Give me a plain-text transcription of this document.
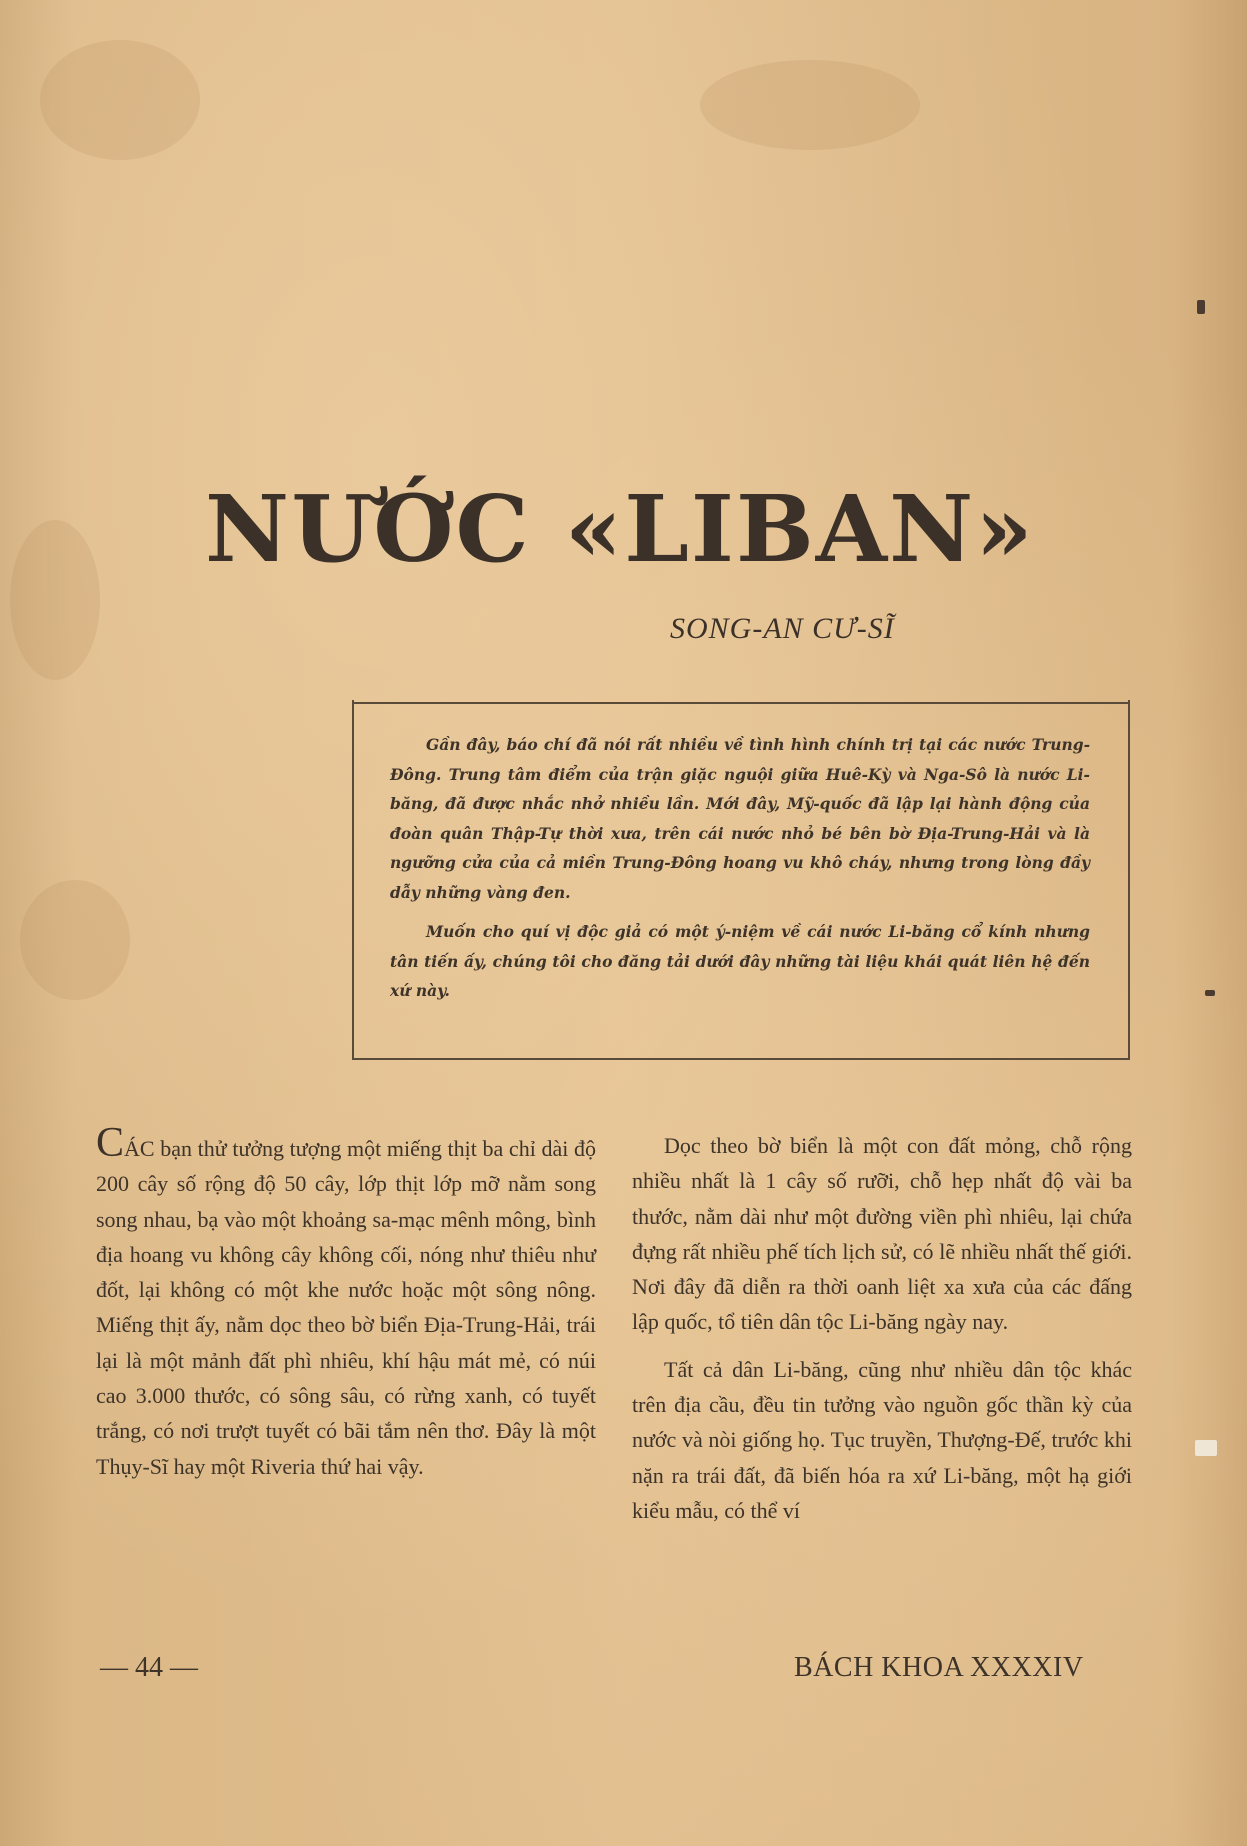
NƯỚC «LIBAN»
SONG-AN CƯ-SĨ

Gần đây, báo chí đã nói rất nhiều về tình hình chính trị tại các nước Trung-Đông. Trung tâm điểm của trận giặc nguội giữa Huê-Kỳ và Nga-Sô là nước Li-băng, đã được nhắc nhở nhiều lần. Mới đây, Mỹ-quốc đã lập lại hành động của đoàn quân Thập-Tự thời xưa, trên cái nước nhỏ bé bên bờ Địa-Trung-Hải và là ngưỡng cửa của cả miền Trung-Đông hoang vu khô cháy, nhưng trong lòng đầy dẫy những vàng đen.

Muốn cho quí vị độc giả có một ý-niệm về cái nước Li-băng cổ kính nhưng tân tiến ấy, chúng tôi cho đăng tải dưới đây những tài liệu khái quát liên hệ đến xứ này.

CÁC bạn thử tưởng tượng một miếng thịt ba chỉ dài độ 200 cây số rộng độ 50 cây, lớp thịt lớp mỡ nằm song song nhau, bạ vào một khoảng sa-mạc mênh mông, bình địa hoang vu không cây không cối, nóng như thiêu như đốt, lại không có một khe nước hoặc một sông nông. Miếng thịt ấy, nằm dọc theo bờ biển Địa-Trung-Hải, trái lại là một mảnh đất phì nhiêu, khí hậu mát mẻ, có núi cao 3.000 thước, có sông sâu, có rừng xanh, có tuyết trắng, có nơi trượt tuyết có bãi tắm nên thơ. Đây là một Thụy-Sĩ hay một Riveria thứ hai vậy.

Dọc theo bờ biển là một con đất mỏng, chỗ rộng nhiều nhất là 1 cây số rưỡi, chỗ hẹp nhất độ vài ba thước, nằm dài như một đường viền phì nhiêu, lại chứa đựng rất nhiều phế tích lịch sử, có lẽ nhiều nhất thế giới. Nơi đây đã diễn ra thời oanh liệt xa xưa của các đấng lập quốc, tổ tiên dân tộc Li-băng ngày nay.

Tất cả dân Li-băng, cũng như nhiều dân tộc khác trên địa cầu, đều tin tưởng vào nguồn gốc thần kỳ của nước và nòi giống họ. Tục truyền, Thượng-Đế, trước khi nặn ra trái đất, đã biến hóa ra xứ Li-băng, một hạ giới kiểu mẫu, có thể ví

— 44 —	BÁCH KHOA XXXXIV
